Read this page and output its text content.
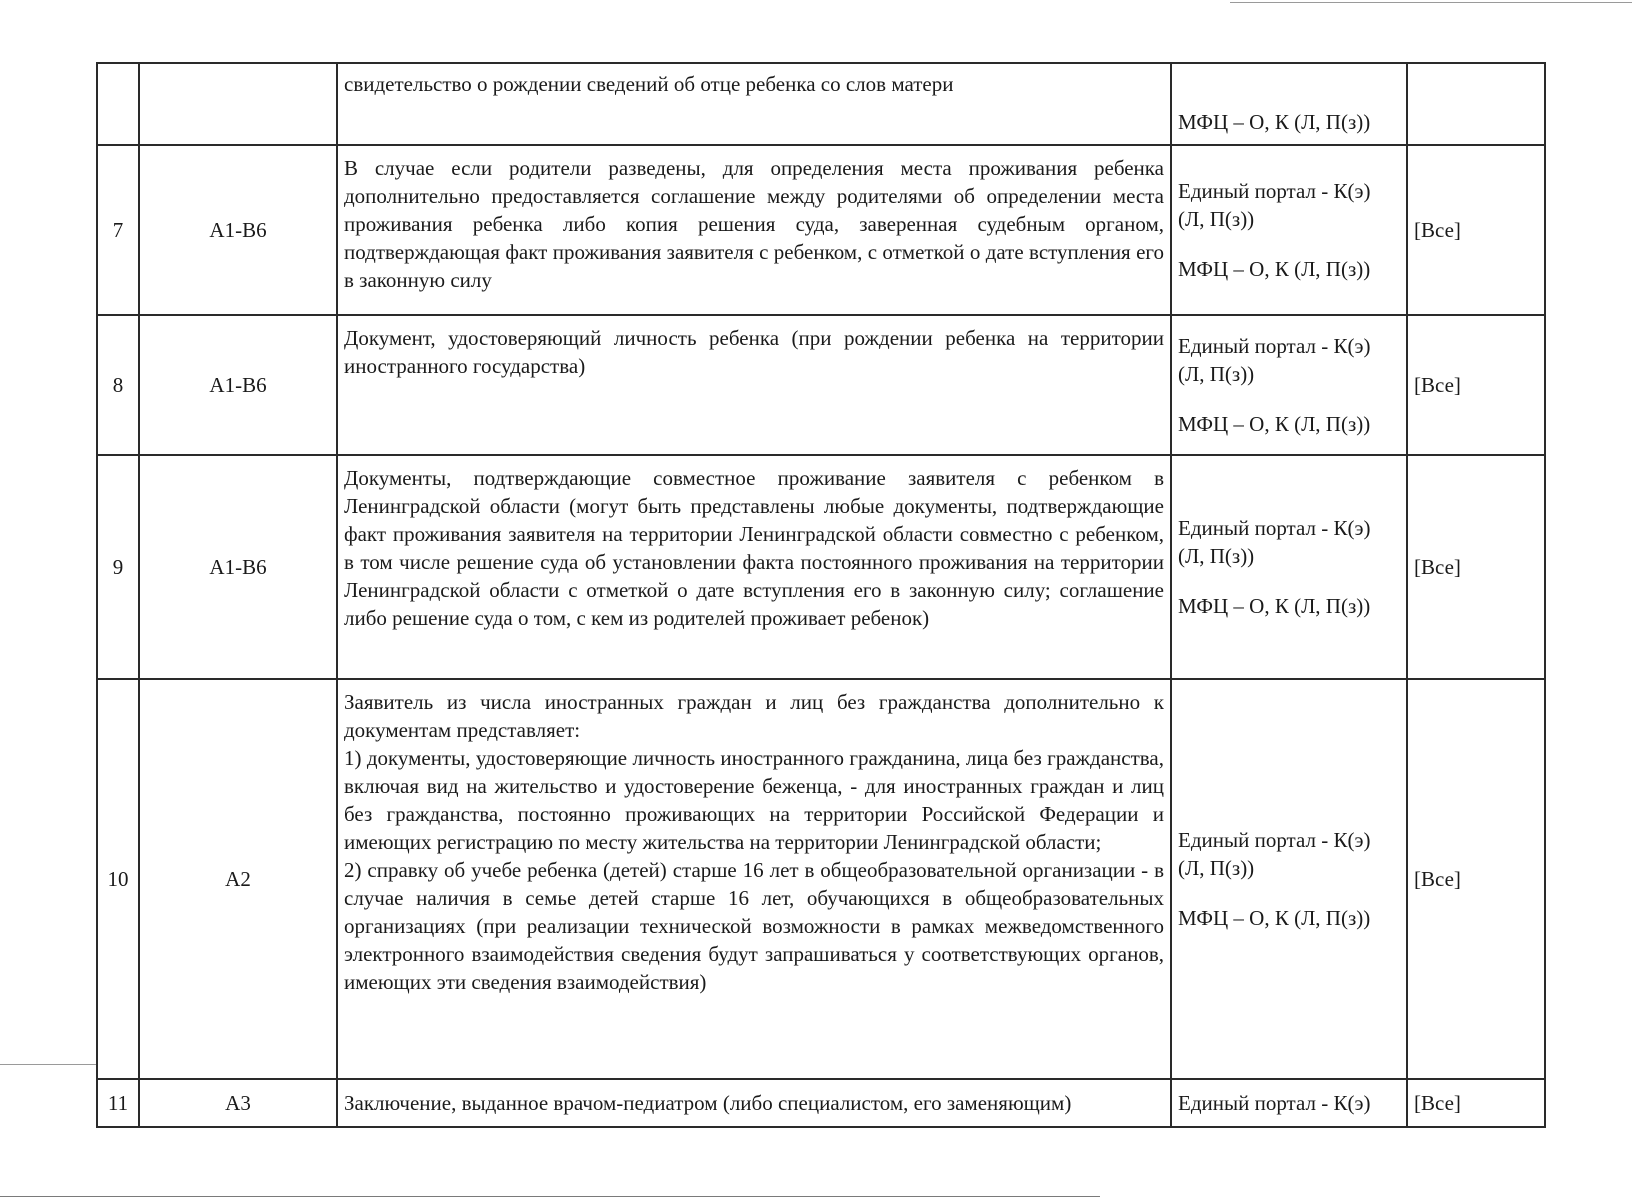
		свидетельство о рождении сведений об отце ребенка со слов матери	МФЦ – О, К (Л, П(з))	

7	А1-В6	В случае если родители разведены, для определения места проживания ребенка дополнительно предоставляется соглашение между родителями об определении места проживания ребенка либо копия решения суда, заверенная судебным органом, подтверждающая факт проживания заявителя с ребенком, с отметкой о дате вступления его в законную силу	Единый портал - К(э) (Л, П(з))
МФЦ – О, К (Л, П(з))	[Все]
8	А1-В6	Документ, удостоверяющий личность ребенка (при рождении ребенка на территории иностранного государства)	Единый портал - К(э) (Л, П(з))
МФЦ – О, К (Л, П(з))	[Все]
9	А1-В6	Документы, подтверждающие совместное проживание заявителя с ребенком в Ленинградской области (могут быть представлены любые документы, подтверждающие факт проживания заявителя на территории Ленинградской области совместно с ребенком, в том числе решение суда об установлении факта постоянного проживания на территории Ленинградской области с отметкой о дате вступления его в законную силу; соглашение либо решение суда о том, с кем из родителей проживает ребенок)	Единый портал - К(э) (Л, П(з))
МФЦ – О, К (Л, П(з))	[Все]
10	А2	Заявитель из числа иностранных граждан и лиц без гражданства дополнительно к документам представляет:
1) документы, удостоверяющие личность иностранного гражданина, лица без гражданства, включая вид на жительство и удостоверение беженца, - для иностранных граждан и лиц без гражданства, постоянно проживающих на территории Российской Федерации и имеющих регистрацию по месту жительства на территории Ленинградской области;
2) справку об учебе ребенка (детей) старше 16 лет в общеобразовательной организации - в случае наличия в семье детей старше 16 лет, обучающихся в общеобразовательных организациях (при реализации технической возможности в рамках межведомственного электронного взаимодействия сведения будут запрашиваться у соответствующих органов, имеющих эти сведения взаимодействия)	Единый портал - К(э) (Л, П(з))
МФЦ – О, К (Л, П(з))	[Все]
11	А3	Заключение, выданное врачом-педиатром (либо специалистом, его заменяющим)	Единый портал - К(э)	[Все]
